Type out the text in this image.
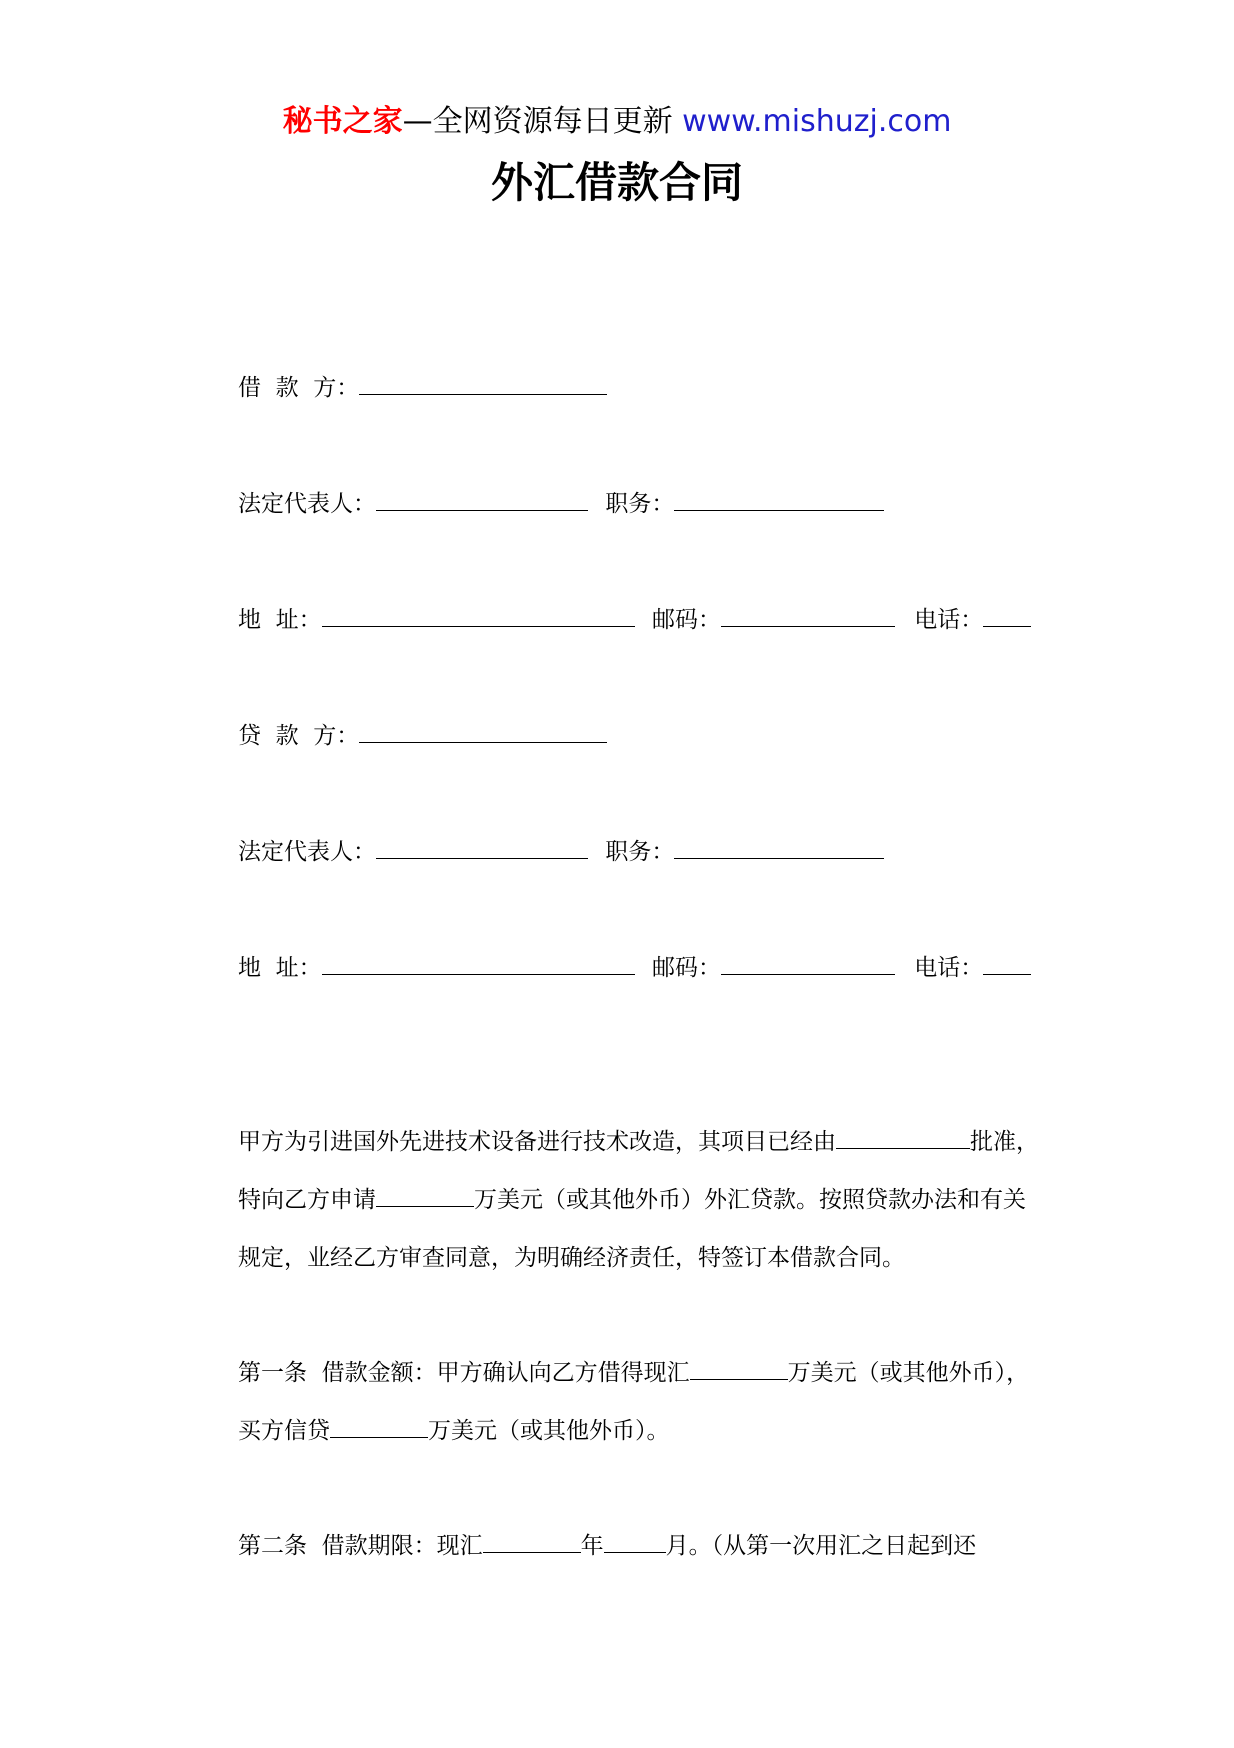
秘书之家—全网资源每日更新 www.mishuzj.com
外汇借款合同
借  款  方：
法定代表人：	职务：
地  址：	邮码：	电话：
贷  款  方：
法定代表人：	职务：
地  址：	邮码：	电话：

甲方为引进国外先进技术设备进行技术改造，其项目已经由	批准，特向乙方申请	万美元（或其他外币）外汇贷款。按照贷款办法和有关规定，业经乙方审查同意，为明确经济责任，特签订本借款合同。

第一条  借款金额：甲方确认向乙方借得现汇	万美元（或其他外币），买方信贷	万美元（或其他外币）。

第二条  借款期限：现汇	年	月。（从第一次用汇之日起到还
